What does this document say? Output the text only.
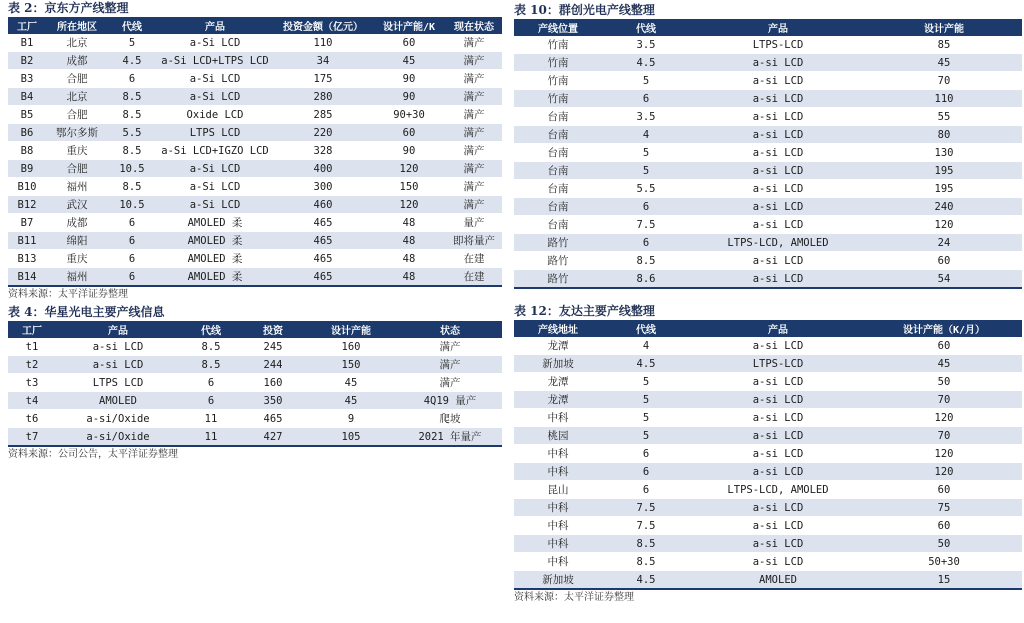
表 2：京东方产线整理
工厂	所在地区	代线	产品	投资金额（亿元）	设计产能/K	现在状态
B1	北京	5	a-Si LCD	110	60	满产
B2	成都	4.5	a-Si LCD+LTPS LCD	34	45	满产
B3	合肥	6	a-Si LCD	175	90	满产
B4	北京	8.5	a-Si LCD	280	90	满产
B5	合肥	8.5	Oxide LCD	285	90+30	满产
B6	鄂尔多斯	5.5	LTPS LCD	220	60	满产
B8	重庆	8.5	a-Si LCD+IGZO LCD	328	90	满产
B9	合肥	10.5	a-Si LCD	400	120	满产
B10	福州	8.5	a-Si LCD	300	150	满产
B12	武汉	10.5	a-Si LCD	460	120	满产
B7	成都	6	AMOLED 柔	465	48	量产
B11	绵阳	6	AMOLED 柔	465	48	即将量产
B13	重庆	6	AMOLED 柔	465	48	在建
B14	福州	6	AMOLED 柔	465	48	在建
资料来源：太平洋证券整理
表 4：华星光电主要产线信息
工厂	产品	代线	投资	设计产能	状态
t1	a-si LCD	8.5	245	160	满产
t2	a-si LCD	8.5	244	150	满产
t3	LTPS LCD	6	160	45	满产
t4	AMOLED	6	350	45	4Q19 量产
t6	a-si/Oxide	11	465	9	爬坡
t7	a-si/Oxide	11	427	105	2021 年量产
资料来源：公司公告，太平洋证券整理
表 10：群创光电产线整理
产线位置	代线	产品	设计产能
竹南	3.5	LTPS-LCD	85
竹南	4.5	a-si LCD	45
竹南	5	a-si LCD	70
竹南	6	a-si LCD	110
台南	3.5	a-si LCD	55
台南	4	a-si LCD	80
台南	5	a-si LCD	130
台南	5	a-si LCD	195
台南	5.5	a-si LCD	195
台南	6	a-si LCD	240
台南	7.5	a-si LCD	120
路竹	6	LTPS-LCD, AMOLED	24
路竹	8.5	a-si LCD	60
路竹	8.6	a-si LCD	54
表 12：友达主要产线整理
产线地址	代线	产品	设计产能（K/月）
龙潭	4	a-si LCD	60
新加坡	4.5	LTPS-LCD	45
龙潭	5	a-si LCD	50
龙潭	5	a-si LCD	70
中科	5	a-si LCD	120
桃园	5	a-si LCD	70
中科	6	a-si LCD	120
中科	6	a-si LCD	120
昆山	6	LTPS-LCD, AMOLED	60
中科	7.5	a-si LCD	75
中科	7.5	a-si LCD	60
中科	8.5	a-si LCD	50
中科	8.5	a-si LCD	50+30
新加坡	4.5	AMOLED	15
资料来源：太平洋证券整理
